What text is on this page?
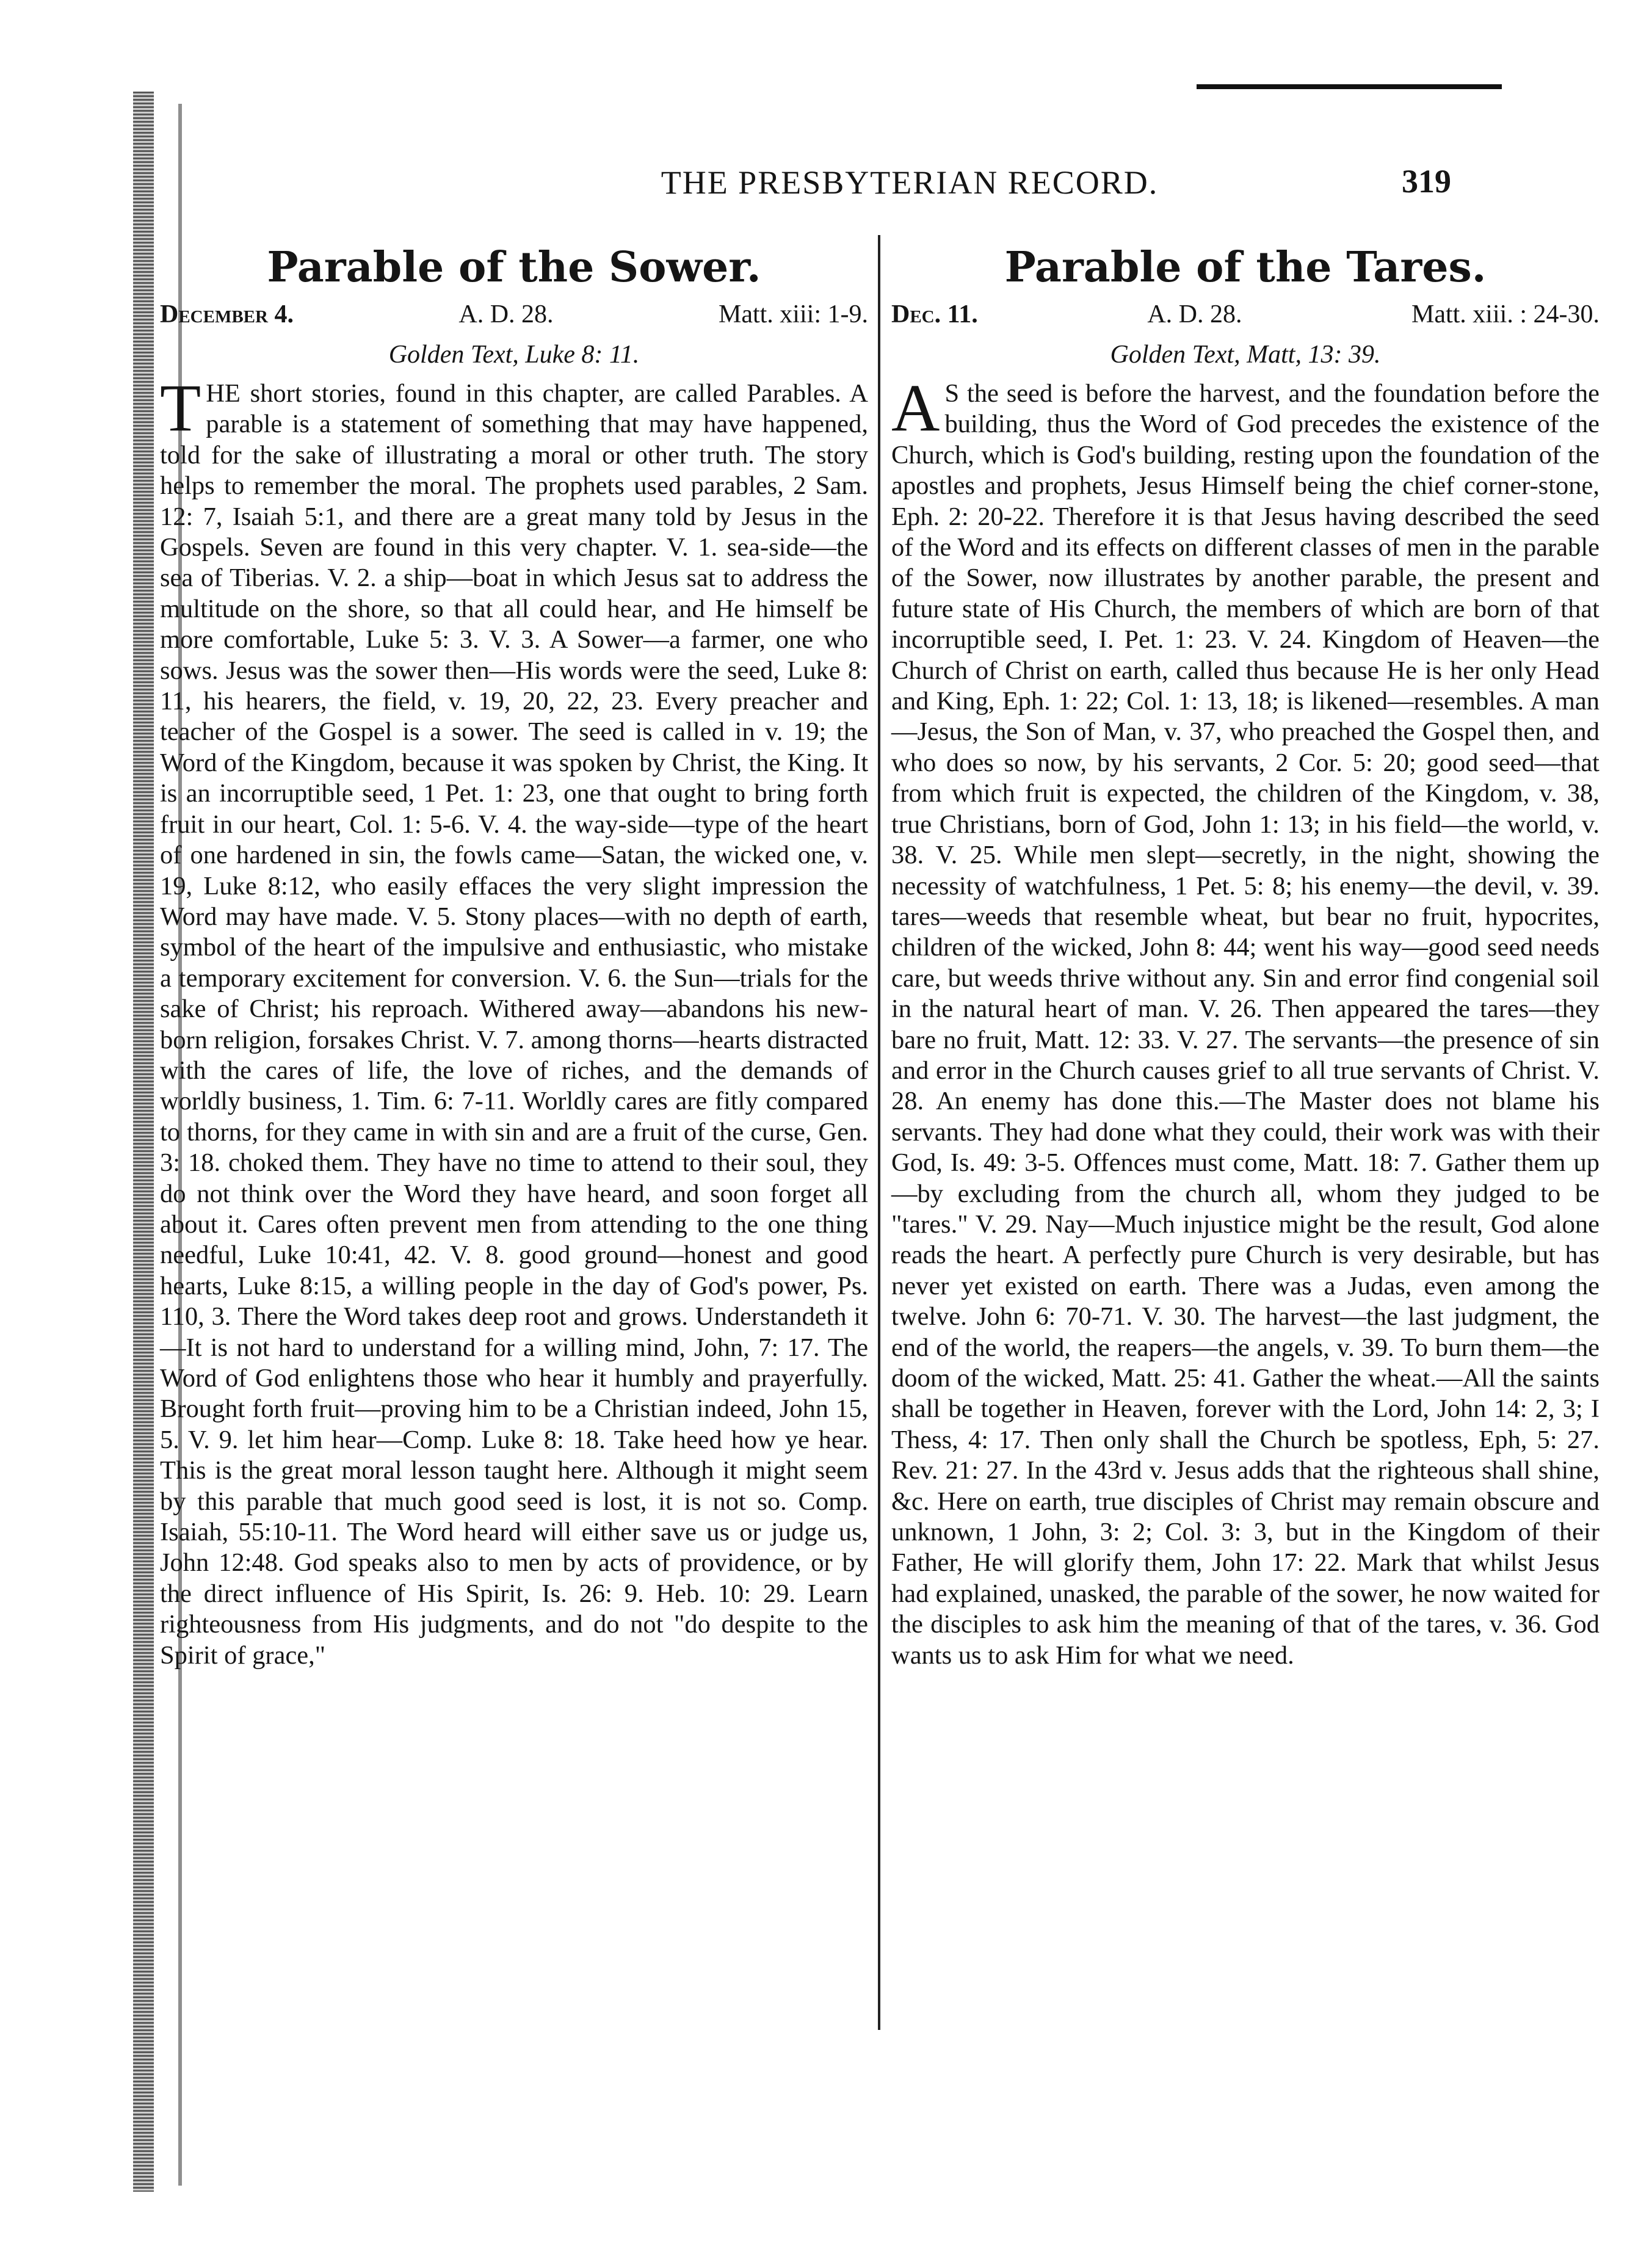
THE PRESBYTERIAN RECORD.	319
Parable of the Sower.
December 4.	A. D. 28.	Matt. xiii: 1-9.
Golden Text, Luke 8: 11.
T HE short stories, found in this chapter, are called Parables. A parable is a statement of something that may have happened, told for the sake of illustrating a moral or other truth. The story helps to remember the moral. The prophets used parables, 2 Sam. 12: 7, Isaiah 5:1, and there are a great many told by Jesus in the Gospels. Seven are found in this very chapter. V. 1. sea-side—the sea of Tiberias. V. 2. a ship—boat in which Jesus sat to address the multitude on the shore, so that all could hear, and He himself be more comfortable, Luke 5: 3. V. 3. A Sower—a farmer, one who sows. Jesus was the sower then—His words were the seed, Luke 8: 11, his hearers, the field, v. 19, 20, 22, 23. Every preacher and teacher of the Gospel is a sower. The seed is called in v. 19; the Word of the Kingdom, because it was spoken by Christ, the King. It is an incorruptible seed, 1 Pet. 1: 23, one that ought to bring forth fruit in our heart, Col. 1: 5-6. V. 4. the way-side—type of the heart of one hardened in sin, the fowls came—Satan, the wicked one, v. 19, Luke 8:12, who easily effaces the very slight impression the Word may have made. V. 5. Stony places—with no depth of earth, symbol of the heart of the impulsive and enthusiastic, who mistake a temporary excitement for conversion. V. 6. the Sun—trials for the sake of Christ; his reproach. Withered away—abandons his new-born religion, forsakes Christ. V. 7. among thorns—hearts distracted with the cares of life, the love of riches, and the demands of worldly business, 1. Tim. 6: 7-11. Worldly cares are fitly compared to thorns, for they came in with sin and are a fruit of the curse, Gen. 3: 18. choked them. They have no time to attend to their soul, they do not think over the Word they have heard, and soon forget all about it. Cares often prevent men from attending to the one thing needful, Luke 10:41, 42. V. 8. good ground—honest and good hearts, Luke 8:15, a willing people in the day of God's power, Ps. 110, 3. There the Word takes deep root and grows. Understandeth it—It is not hard to understand for a willing mind, John, 7: 17. The Word of God enlightens those who hear it humbly and prayerfully. Brought forth fruit—proving him to be a Christian indeed, John 15, 5. V. 9. let him hear—Comp. Luke 8: 18. Take heed how ye hear. This is the great moral lesson taught here. Although it might seem by this parable that much good seed is lost, it is not so. Comp. Isaiah, 55:10-11. The Word heard will either save us or judge us, John 12:48. God speaks also to men by acts of providence, or by the direct influence of His Spirit, Is. 26: 9. Heb. 10: 29. Learn righteousness from His judgments, and do not "do despite to the Spirit of grace,"
Parable of the Tares.
Dec. 11.	A. D. 28.	Matt. xiii. : 24-30.
Golden Text, Matt, 13: 39.
A S the seed is before the harvest, and the foundation before the building, thus the Word of God precedes the existence of the Church, which is God's building, resting upon the foundation of the apostles and prophets, Jesus Himself being the chief corner-stone, Eph. 2: 20-22. Therefore it is that Jesus having described the seed of the Word and its effects on different classes of men in the parable of the Sower, now illustrates by another parable, the present and future state of His Church, the members of which are born of that incorruptible seed, I. Pet. 1: 23. V. 24. Kingdom of Heaven—the Church of Christ on earth, called thus because He is her only Head and King, Eph. 1: 22; Col. 1: 13, 18; is likened—resembles. A man—Jesus, the Son of Man, v. 37, who preached the Gospel then, and who does so now, by his servants, 2 Cor. 5: 20; good seed—that from which fruit is expected, the children of the Kingdom, v. 38, true Christians, born of God, John 1: 13; in his field—the world, v. 38. V. 25. While men slept—secretly, in the night, showing the necessity of watchfulness, 1 Pet. 5: 8; his enemy—the devil, v. 39. tares—weeds that resemble wheat, but bear no fruit, hypocrites, children of the wicked, John 8: 44; went his way—good seed needs care, but weeds thrive without any. Sin and error find congenial soil in the natural heart of man. V. 26. Then appeared the tares—they bare no fruit, Matt. 12: 33. V. 27. The servants—the presence of sin and error in the Church causes grief to all true servants of Christ. V. 28. An enemy has done this.—The Master does not blame his servants. They had done what they could, their work was with their God, Is. 49: 3-5. Offences must come, Matt. 18: 7. Gather them up—by excluding from the church all, whom they judged to be "tares." V. 29. Nay—Much injustice might be the result, God alone reads the heart. A perfectly pure Church is very desirable, but has never yet existed on earth. There was a Judas, even among the twelve. John 6: 70-71. V. 30. The harvest—the last judgment, the end of the world, the reapers—the angels, v. 39. To burn them—the doom of the wicked, Matt. 25: 41. Gather the wheat.—All the saints shall be together in Heaven, forever with the Lord, John 14: 2, 3; I Thess, 4: 17. Then only shall the Church be spotless, Eph, 5: 27. Rev. 21: 27. In the 43rd v. Jesus adds that the righteous shall shine, &c. Here on earth, true disciples of Christ may remain obscure and unknown, 1 John, 3: 2; Col. 3: 3, but in the Kingdom of their Father, He will glorify them, John 17: 22. Mark that whilst Jesus had explained, unasked, the parable of the sower, he now waited for the disciples to ask him the meaning of that of the tares, v. 36. God wants us to ask Him for what we need.
